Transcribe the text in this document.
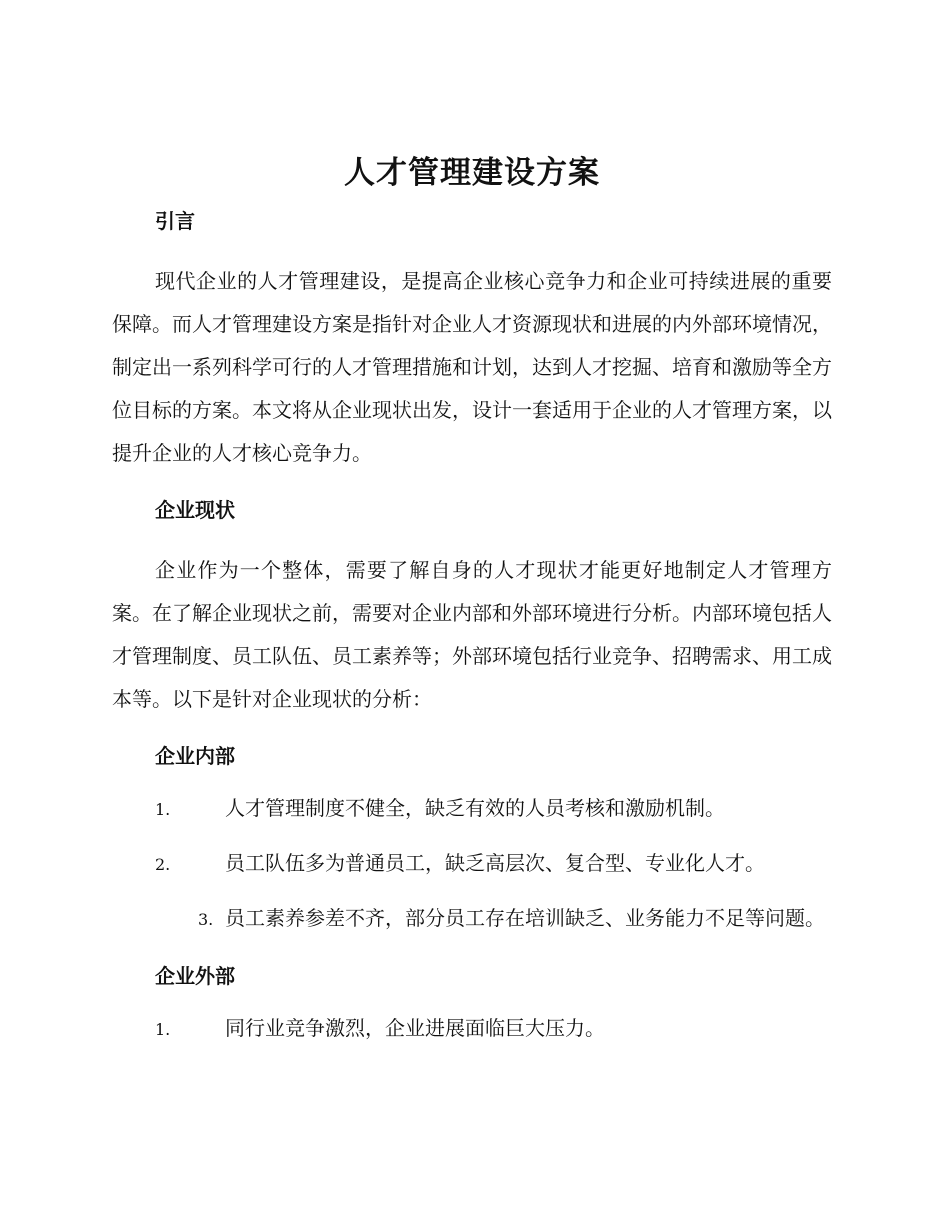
人才管理建设方案
引言

现代企业的人才管理建设，是提高企业核心竞争力和企业可持续进展的重要保障。而人才管理建设方案是指针对企业人才资源现状和进展的内外部环境情况，制定出一系列科学可行的人才管理措施和计划，达到人才挖掘、培育和激励等全方位目标的方案。本文将从企业现状出发，设计一套适用于企业的人才管理方案，以提升企业的人才核心竞争力。

企业现状

企业作为一个整体，需要了解自身的人才现状才能更好地制定人才管理方案。在了解企业现状之前，需要对企业内部和外部环境进行分析。内部环境包括人才管理制度、员工队伍、员工素养等；外部环境包括行业竞争、招聘需求、用工成本等。以下是针对企业现状的分析：

企业内部

1.	人才管理制度不健全，缺乏有效的人员考核和激励机制。

2.	员工队伍多为普通员工，缺乏高层次、复合型、专业化人才。

3. 员工素养参差不齐，部分员工存在培训缺乏、业务能力不足等问题。

企业外部

1.	同行业竞争激烈，企业进展面临巨大压力。
